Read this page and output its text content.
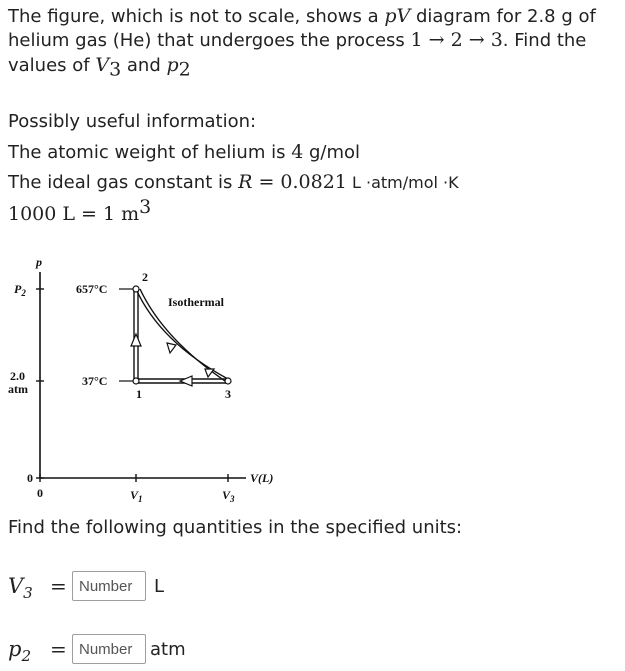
The figure, which is not to scale, shows a pV diagram for 2.8 g of
helium gas (He) that undergoes the process 1 → 2 → 3. Find the
values of $V_3$ and $p_2$
Possibly useful information:
The atomic weight of helium is 4 g/mol
The ideal gas constant is R = 0.0821 L ·atm/mol ·K
1000 L = 1 $m^3$
p
$P_2$
2.0
atm
0
0	$V_1$	$V_3$
V(L)
657°C
37°C
Isothermal
1
2
3
Find the following quantities in the specified units:
$V_3$ =
Number	L
$p_2$ =
Number	atm
